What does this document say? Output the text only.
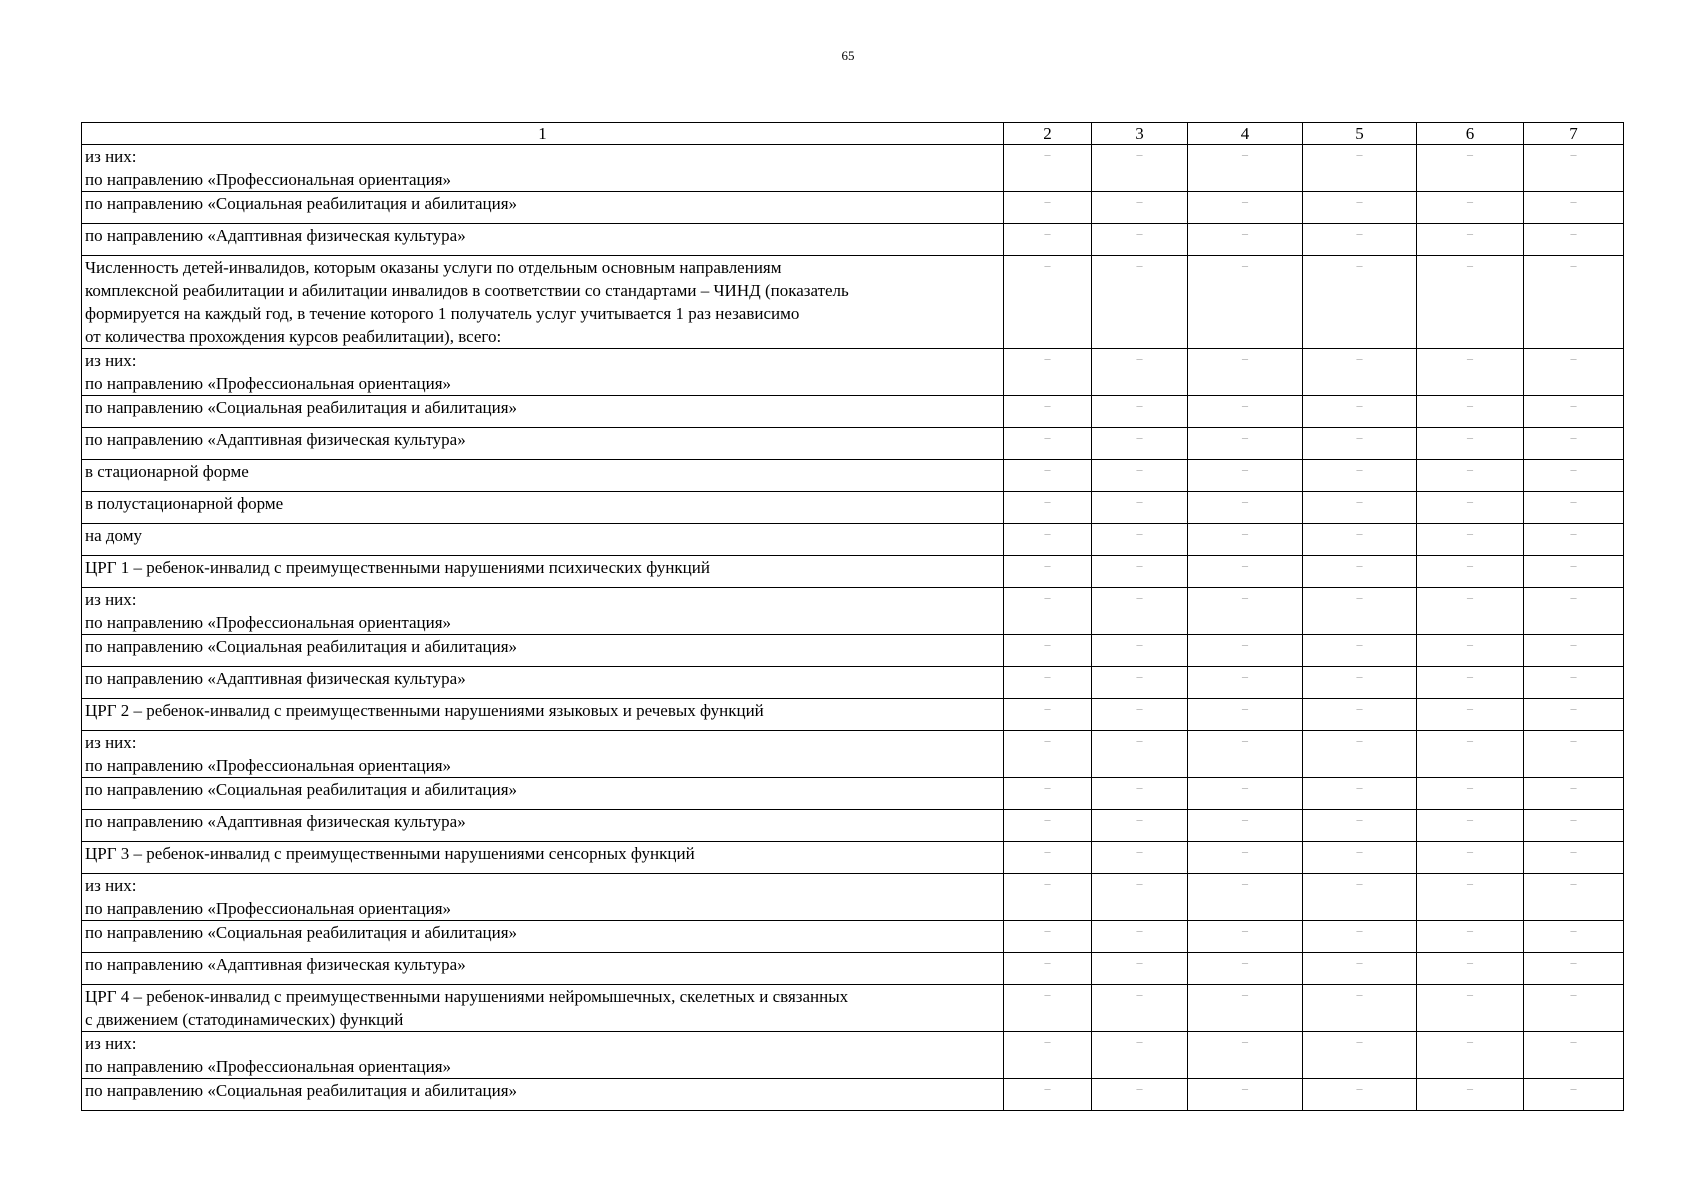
65
1	2	3	4	5	6	7
из них:
по направлению «Профессиональная ориентация»	–	–	–	–	–	–
по направлению «Социальная реабилитация и абилитация»	–	–	–	–	–	–
по направлению «Адаптивная физическая культура»	–	–	–	–	–	–
Численность детей-инвалидов, которым оказаны услуги по отдельным основным направлениям
комплексной реабилитации и абилитации инвалидов в соответствии со стандартами – ЧИНД (показатель
формируется на каждый год, в течение которого 1 получатель услуг учитывается 1 раз независимо
от количества прохождения курсов реабилитации), всего:	–	–	–	–	–	–
из них:
по направлению «Профессиональная ориентация»	–	–	–	–	–	–
по направлению «Социальная реабилитация и абилитация»	–	–	–	–	–	–
по направлению «Адаптивная физическая культура»	–	–	–	–	–	–
в стационарной форме	–	–	–	–	–	–
в полустационарной форме	–	–	–	–	–	–
на дому	–	–	–	–	–	–
ЦРГ 1 – ребенок-инвалид с преимущественными нарушениями психических функций	–	–	–	–	–	–
из них:
по направлению «Профессиональная ориентация»	–	–	–	–	–	–
по направлению «Социальная реабилитация и абилитация»	–	–	–	–	–	–
по направлению «Адаптивная физическая культура»	–	–	–	–	–	–
ЦРГ 2 – ребенок-инвалид с преимущественными нарушениями языковых и речевых функций	–	–	–	–	–	–
из них:
по направлению «Профессиональная ориентация»	–	–	–	–	–	–
по направлению «Социальная реабилитация и абилитация»	–	–	–	–	–	–
по направлению «Адаптивная физическая культура»	–	–	–	–	–	–
ЦРГ 3 – ребенок-инвалид с преимущественными нарушениями сенсорных функций	–	–	–	–	–	–
из них:
по направлению «Профессиональная ориентация»	–	–	–	–	–	–
по направлению «Социальная реабилитация и абилитация»	–	–	–	–	–	–
по направлению «Адаптивная физическая культура»	–	–	–	–	–	–
ЦРГ 4 – ребенок-инвалид с преимущественными нарушениями нейромышечных, скелетных и связанных
с движением (статодинамических) функций	–	–	–	–	–	–
из них:
по направлению «Профессиональная ориентация»	–	–	–	–	–	–
по направлению «Социальная реабилитация и абилитация»	–	–	–	–	–	–
